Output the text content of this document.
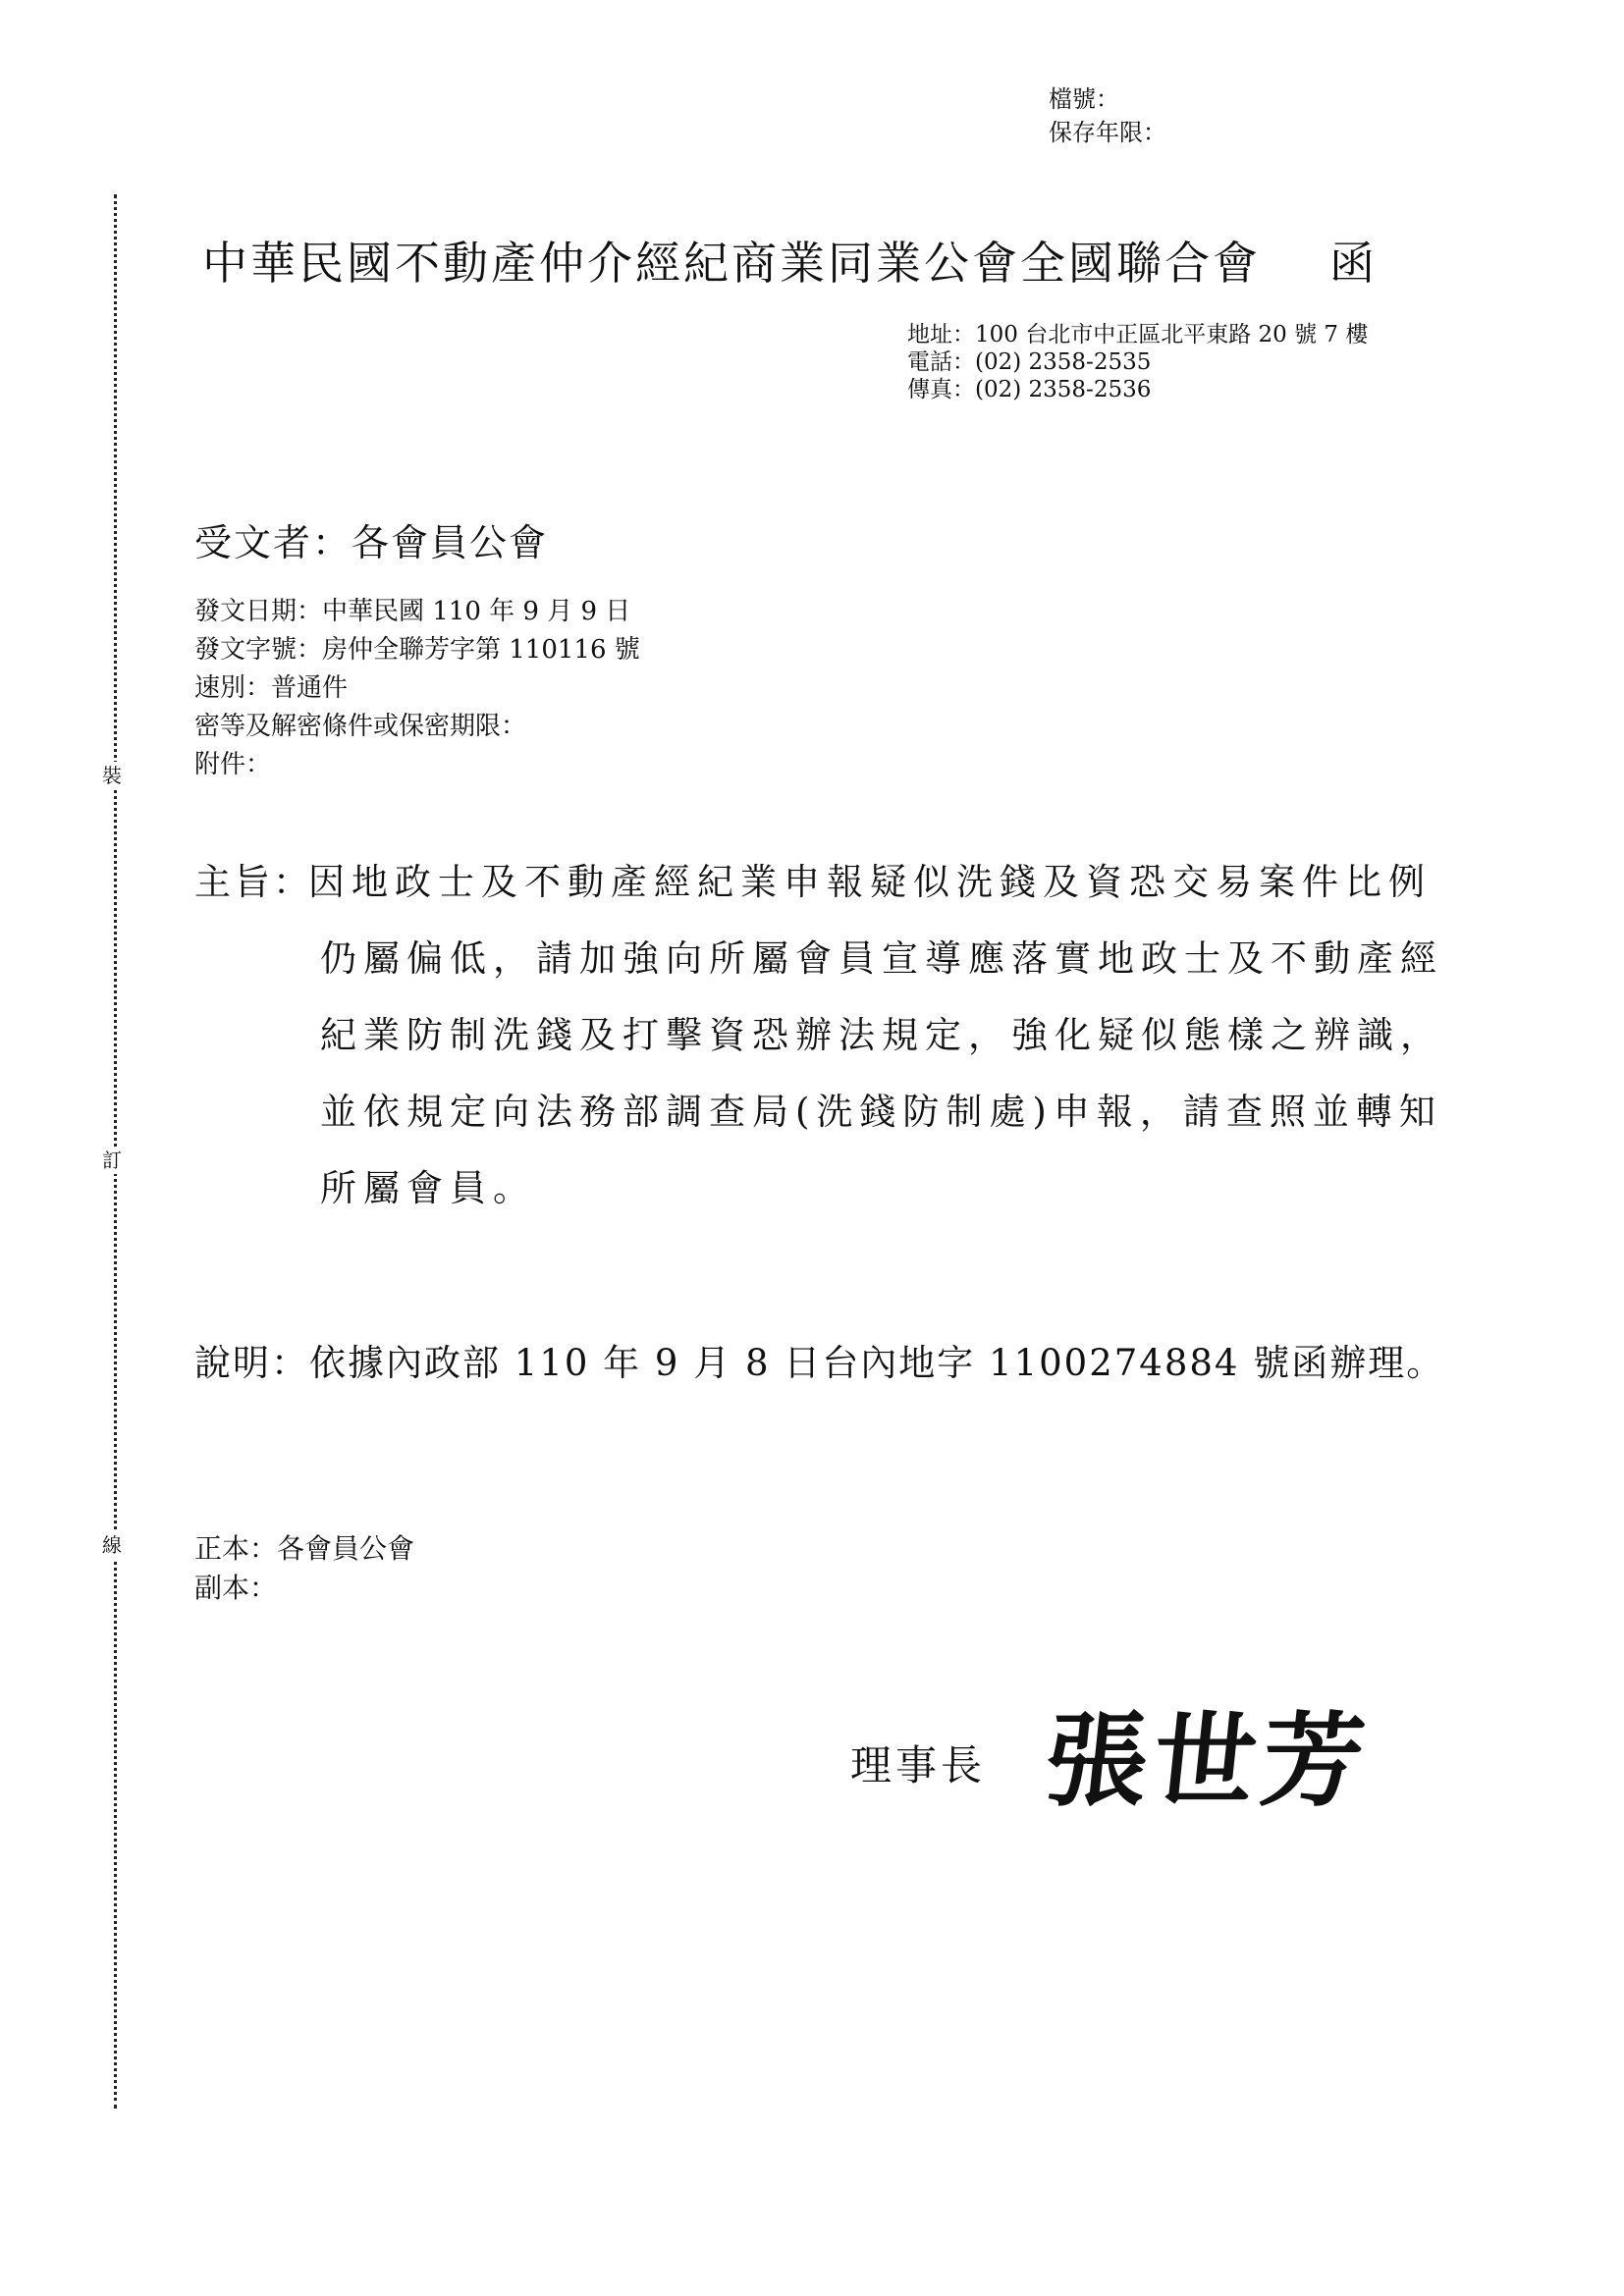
檔號：
保存年限：
裝
訂
線
中華民國不動產仲介經紀商業同業公會全國聯合會 函
地址：100 台北市中正區北平東路 20 號 7 樓
電話：(02) 2358-2535
傳真：(02) 2358-2536
受文者：各會員公會
發文日期：中華民國 110 年 9 月 9 日
發文字號：房仲全聯芳字第 110116 號
速別：普通件
密等及解密條件或保密期限：
附件：
主旨：
因地政士及不動產經紀業申報疑似洗錢及資恐交易案件比例
仍屬偏低，請加強向所屬會員宣導應落實地政士及不動產經
紀業防制洗錢及打擊資恐辦法規定，強化疑似態樣之辨識，
並依規定向法務部調查局(洗錢防制處)申報，請查照並轉知
所屬會員。
說明：依據內政部 110 年 9 月 8 日台內地字 1100274884 號函辦理。
正本：各會員公會
副本：
理事長 張世芳
